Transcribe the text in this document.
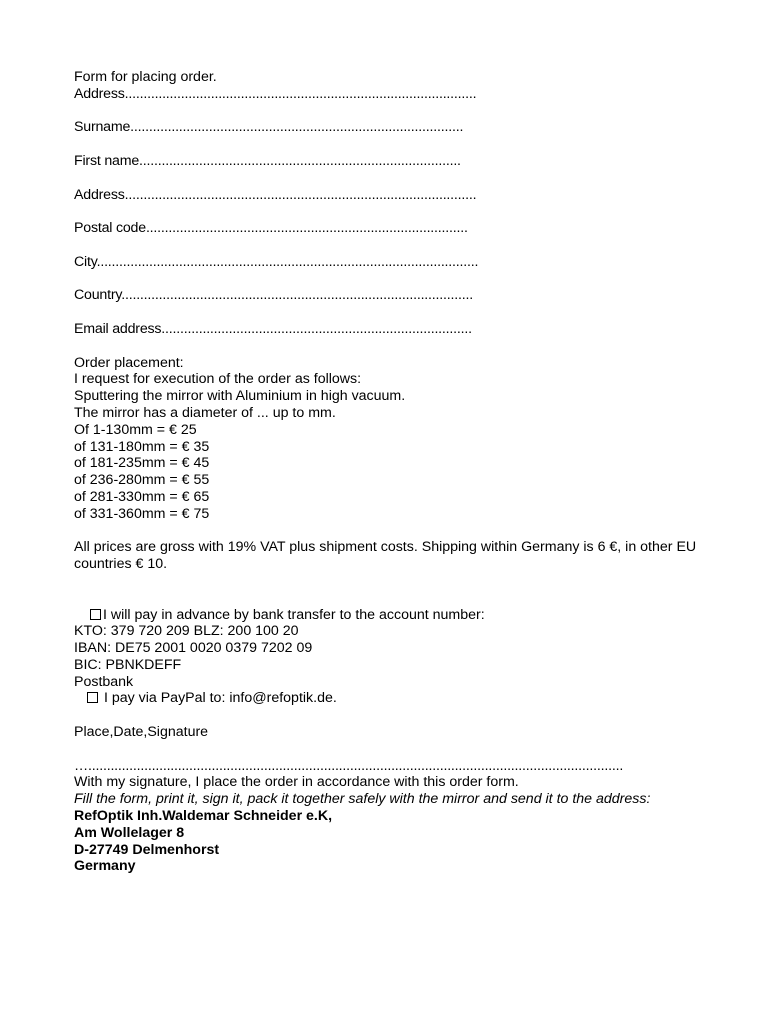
Form for placing order.
Address..............................................................................................
Surname.........................................................................................
First name......................................................................................
Address..............................................................................................
Postal code......................................................................................
City......................................................................................................
Country..............................................................................................
Email address...................................................................................
Order placement:
I request for execution of the order as follows:
Sputtering the mirror with Aluminium in high vacuum.
The mirror has a diameter of ... up to mm.
Of 1-130mm = € 25
of 131-180mm = € 35
of 181-235mm = € 45
of 236-280mm = € 55
of 281-330mm = € 65
of 331-360mm = € 75
All prices are gross with 19% VAT plus shipment costs. Shipping within Germany is 6 €, in other EU countries € 10.
I will pay in advance by bank transfer to the account number:
KTO: 379 720 209 BLZ: 200 100 20
IBAN: DE75 2001 0020 0379 7202 09
BIC: PBNKDEFF
Postbank
I pay via PayPal to: info@refoptik.de.
Place,Date,Signature
…...............................................................................................................................................
With my signature, I place the order in accordance with this order form.
Fill the form, print it, sign it, pack it together safely with the mirror and send it to the address:
RefOptik Inh.Waldemar Schneider e.K,
Am Wollelager 8
D-27749 Delmenhorst
Germany
